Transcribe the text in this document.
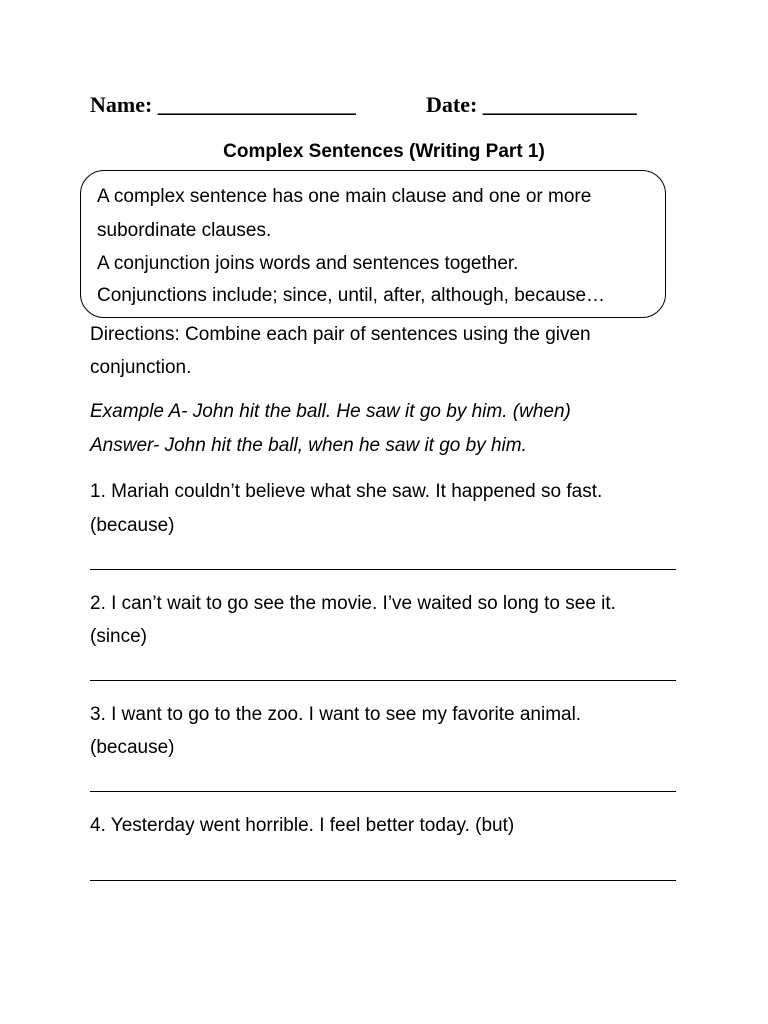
Name: __________________

	Date: ______________

Complex Sentences (Writing Part 1)
A complex sentence has one main clause and one or more
subordinate clauses.
A conjunction joins words and sentences together.
Conjunctions include; since, until, after, although, because…
Directions: Combine each pair of sentences using the given
conjunction.
Example A- John hit the ball. He saw it go by him. (when)
Answer- John hit the ball, when he saw it go by him.
1. Mariah couldn’t believe what she saw. It happened so fast.
(because)
2. I can’t wait to go see the movie. I’ve waited so long to see it.
(since)
3. I want to go to the zoo. I want to see my favorite animal.
(because)
4. Yesterday went horrible. I feel better today. (but)
